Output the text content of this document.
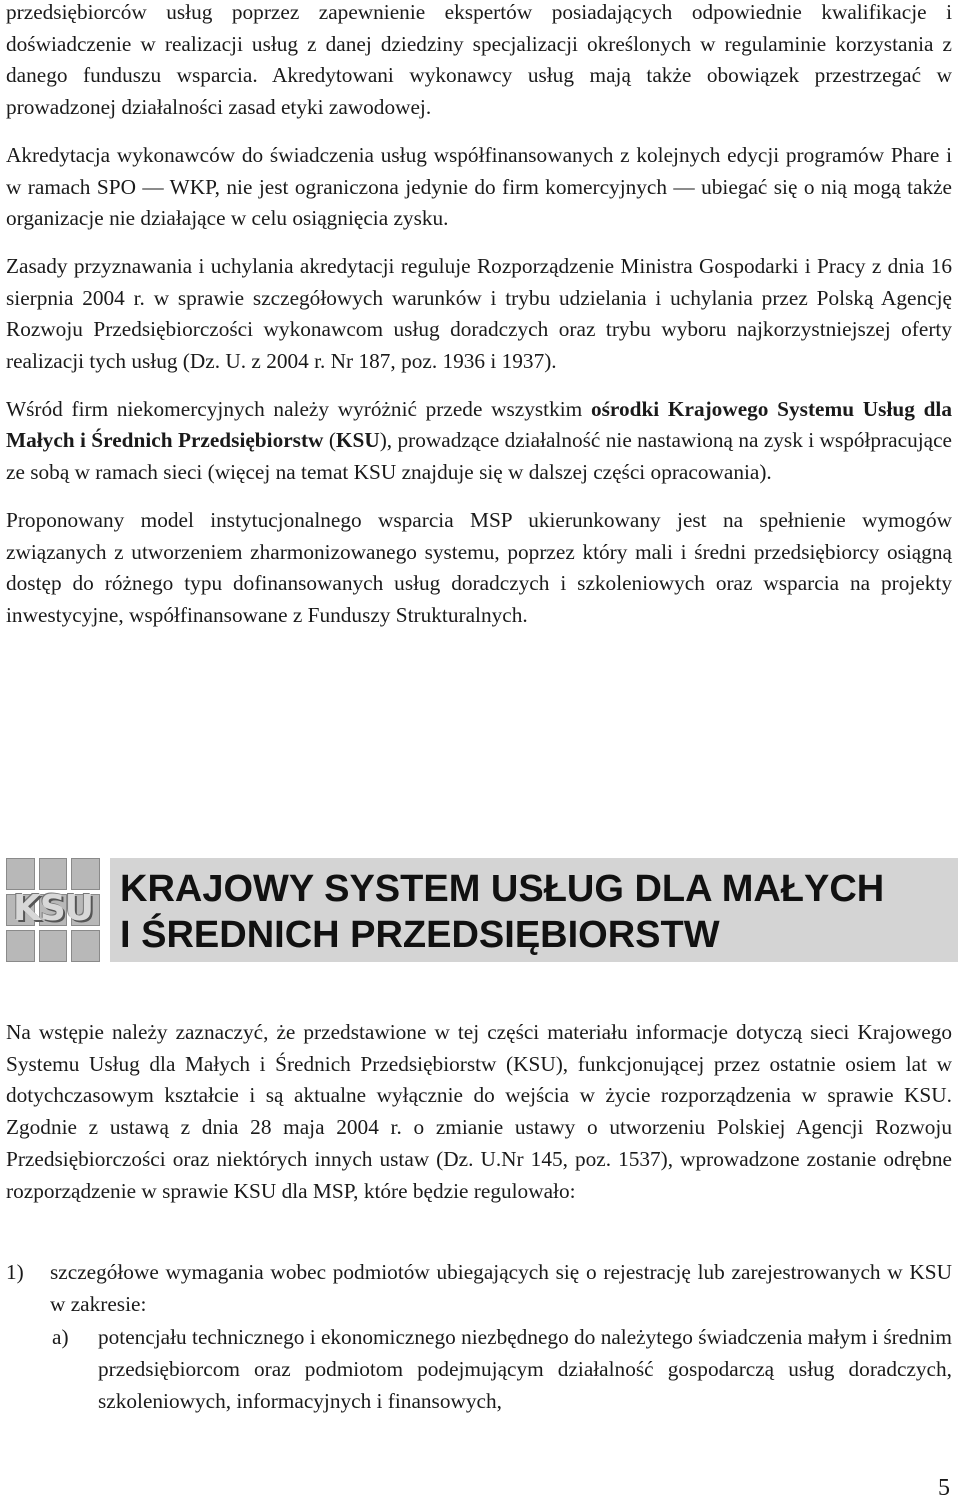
przedsiębiorców usług poprzez zapewnienie ekspertów posiadających odpowiednie kwalifikacje i doświadczenie w realizacji usług z danej dziedziny specjalizacji określonych w regulaminie korzystania z danego funduszu wsparcia. Akredytowani wykonawcy usług mają także obowiązek przestrzegać w prowadzonej działalności zasad etyki zawodowej.

Akredytacja wykonawców do świadczenia usług współfinansowanych z kolejnych edycji programów Phare i w ramach SPO — WKP, nie jest ograniczona jedynie do firm komercyjnych — ubiegać się o nią mogą także organizacje nie działające w celu osiągnięcia zysku.

Zasady przyznawania i uchylania akredytacji reguluje Rozporządzenie Ministra Gospodarki i Pracy z dnia 16 sierpnia 2004 r. w sprawie szczegółowych warunków i trybu udzielania i uchylania przez Polską Agencję Rozwoju Przedsiębiorczości wykonawcom usług doradczych oraz trybu wyboru najkorzystniejszej oferty realizacji tych usług (Dz. U. z 2004 r. Nr 187, poz. 1936 i 1937).

Wśród firm niekomercyjnych należy wyróżnić przede wszystkim ośrodki Krajowego Systemu Usług dla Małych i Średnich Przedsiębiorstw (KSU), prowadzące działalność nie nastawioną na zysk i współpracujące ze sobą w ramach sieci (więcej na temat KSU znajduje się w dalszej części opracowania).

Proponowany model instytucjonalnego wsparcia MSP ukierunkowany jest na spełnienie wymogów związanych z utworzeniem zharmonizowanego systemu, poprzez który mali i średni przedsiębiorcy osiągną dostęp do różnego typu dofinansowanych usług doradczych i szkoleniowych oraz wsparcia na projekty inwestycyjne, współfinansowane z Funduszy Strukturalnych.

KSU KRAJOWY SYSTEM USŁUG DLA MAŁYCH
I ŚREDNICH PRZEDSIĘBIORSTW

Na wstępie należy zaznaczyć, że przedstawione w tej części materiału informacje dotyczą sieci Krajowego Systemu Usług dla Małych i Średnich Przedsiębiorstw (KSU), funkcjonującej przez ostatnie osiem lat w dotychczasowym kształcie i są aktualne wyłącznie do wejścia w życie rozporządzenia w sprawie KSU. Zgodnie z ustawą z dnia 28 maja 2004 r. o zmianie ustawy o utworzeniu Polskiej Agencji Rozwoju Przedsiębiorczości oraz niektórych innych ustaw (Dz. U.Nr 145, poz. 1537), wprowadzone zostanie odrębne rozporządzenie w sprawie KSU dla MSP, które będzie regulowało:

1) szczegółowe wymagania wobec podmiotów ubiegających się o rejestrację lub zarejestrowanych w KSU w zakresie:
a) potencjału technicznego i ekonomicznego niezbędnego do należytego świadczenia małym i średnim przedsiębiorcom oraz podmiotom podejmującym działalność gospodarczą usług doradczych, szkoleniowych, informacyjnych i finansowych,
5
